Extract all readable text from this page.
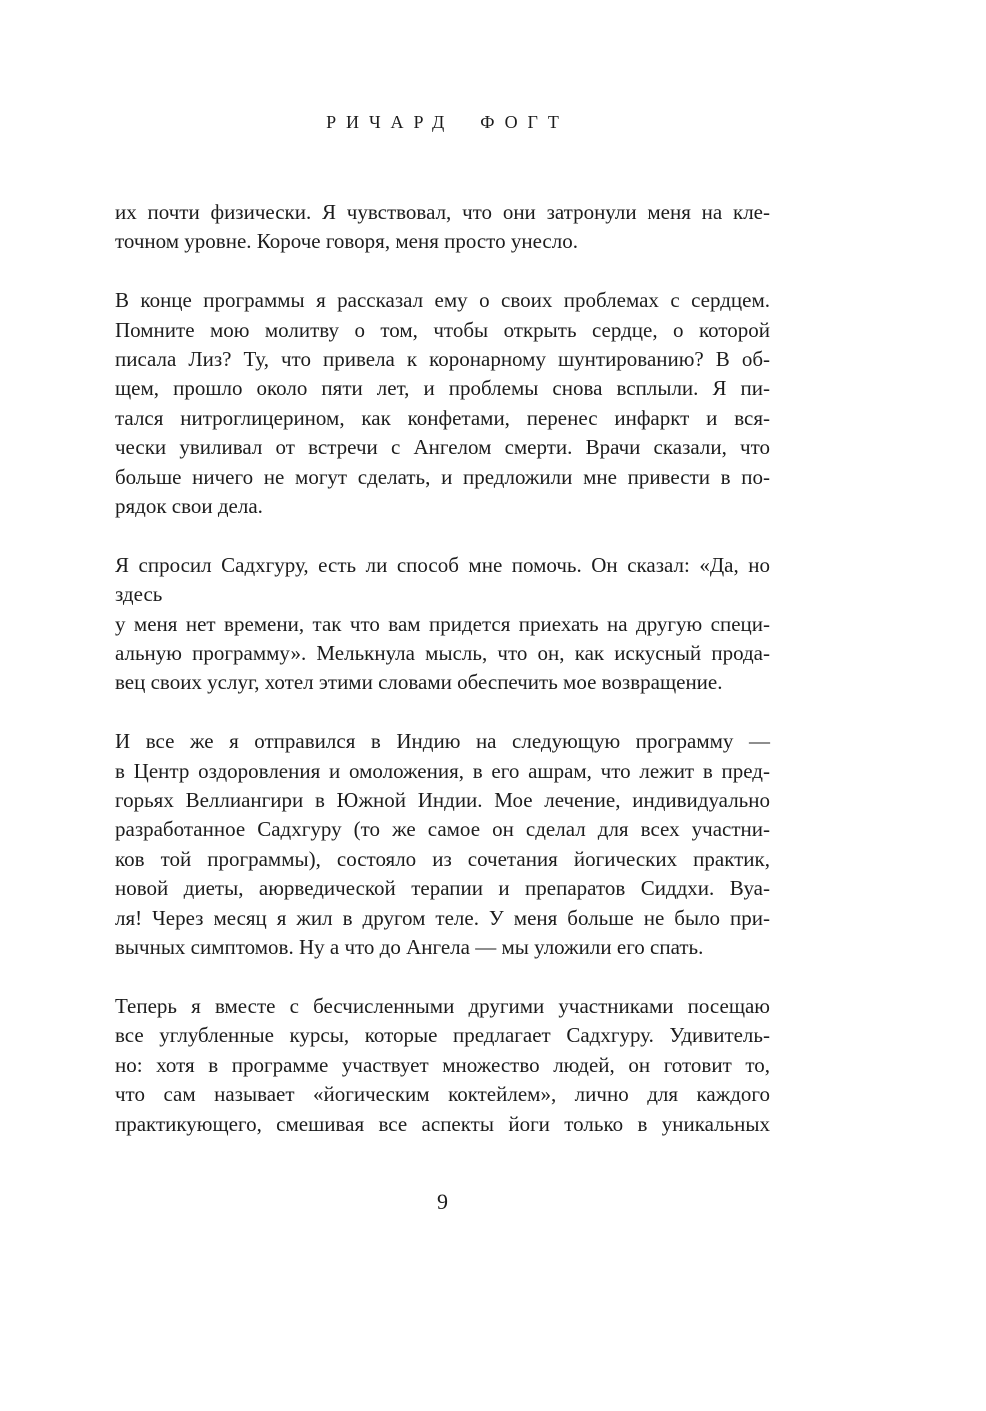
РИЧАРД ФОГТ
их почти физически. Я чувствовал, что они затронули меня на кле-
точном уровне. Короче говоря, меня просто унесло.
В конце программы я рассказал ему о своих проблемах с сердцем.
Помните мою молитву о том, чтобы открыть сердце, о которой
писала Лиз? Ту, что привела к коронарному шунтированию? В об-
щем, прошло около пяти лет, и проблемы снова всплыли. Я пи-
тался нитроглицерином, как конфетами, перенес инфаркт и вся-
чески увиливал от встречи с Ангелом смерти. Врачи сказали, что
больше ничего не могут сделать, и предложили мне привести в по-
рядок свои дела.
Я спросил Садхгуру, есть ли способ мне помочь. Он сказал: «Да, но здесь
у меня нет времени, так что вам придется приехать на другую специ-
альную программу». Мелькнула мысль, что он, как искусный прода-
вец своих услуг, хотел этими словами обеспечить мое возвращение.
И все же я отправился в Индию на следующую программу —
в Центр оздоровления и омоложения, в его ашрам, что лежит в пред-
горьях Веллиангири в Южной Индии. Мое лечение, индивидуально
разработанное Садхгуру (то же самое он сделал для всех участни-
ков той программы), состояло из сочетания йогических практик,
новой диеты, аюрведической терапии и препаратов Сиддхи. Вуа-
ля! Через месяц я жил в другом теле. У меня больше не было при-
вычных симптомов. Ну а что до Ангела — мы уложили его спать.
Теперь я вместе с бесчисленными другими участниками посещаю
все углубленные курсы, которые предлагает Садхгуру. Удивитель-
но: хотя в программе участвует множество людей, он готовит то,
что сам называет «йогическим коктейлем», лично для каждого
практикующего, смешивая все аспекты йоги только в уникальных
9
